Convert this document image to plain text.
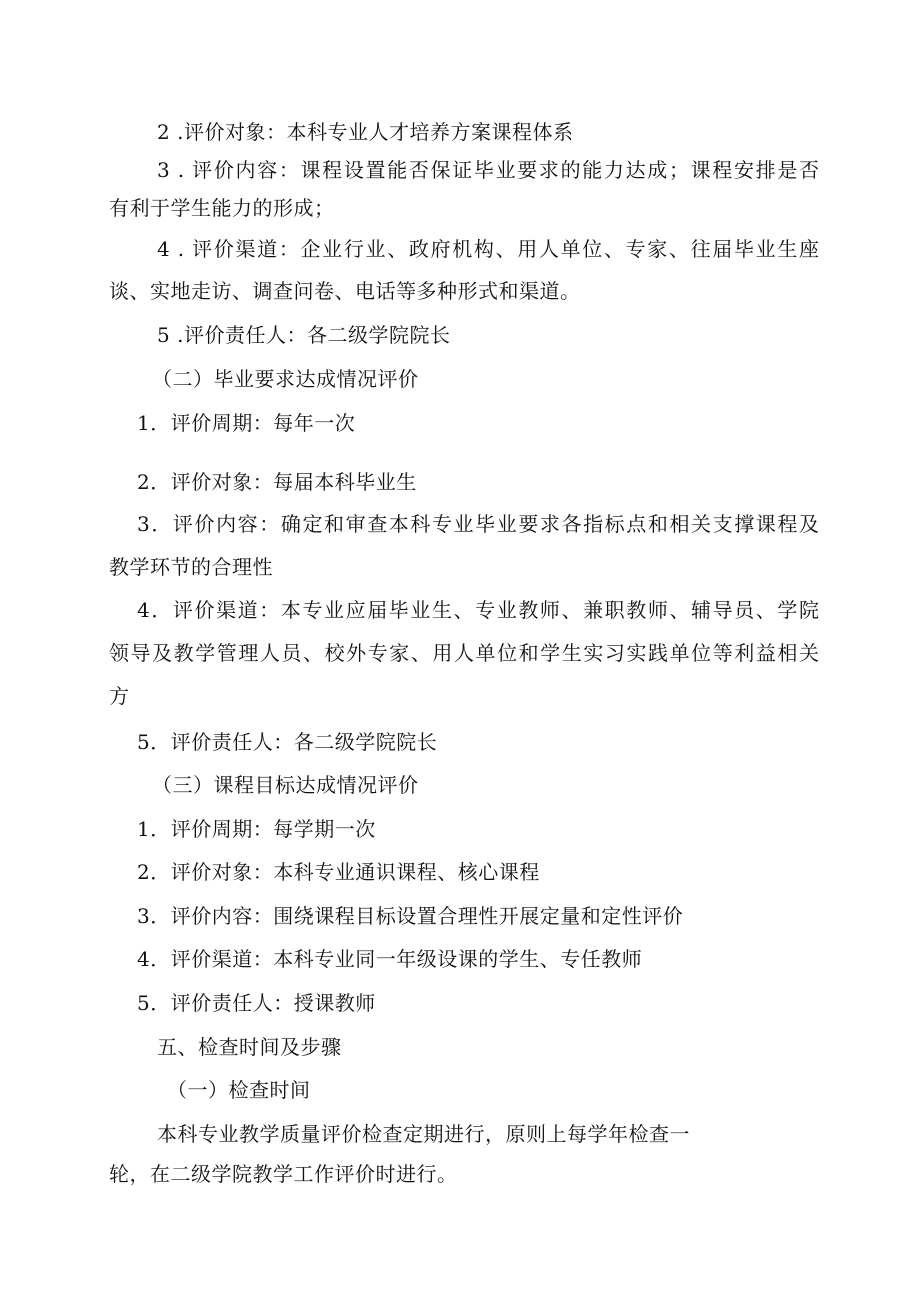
2 .评价对象：本科专业人才培养方案课程体系
3 . 评价内容：课程设置能否保证毕业要求的能力达成；课程安排是否
有利于学生能力的形成；
4 . 评价渠道：企业行业、政府机构、用人单位、专家、往届毕业生座
谈、实地走访、调查问卷、电话等多种形式和渠道。
5 .评价责任人：各二级学院院长
（二）毕业要求达成情况评价
1．评价周期：每年一次
2．评价对象：每届本科毕业生
3．评价内容：确定和审查本科专业毕业要求各指标点和相关支撑课程及
教学环节的合理性
4．评价渠道：本专业应届毕业生、专业教师、兼职教师、辅导员、学院
领导及教学管理人员、校外专家、用人单位和学生实习实践单位等利益相关
方
5．评价责任人：各二级学院院长
（三）课程目标达成情况评价
1．评价周期：每学期一次
2．评价对象：本科专业通识课程、核心课程
3．评价内容：围绕课程目标设置合理性开展定量和定性评价
4．评价渠道：本科专业同一年级设课的学生、专任教师
5．评价责任人：授课教师
五、检查时间及步骤
（一）检查时间
本科专业教学质量评价检查定期进行，原则上每学年检查一
轮，在二级学院教学工作评价时进行。
